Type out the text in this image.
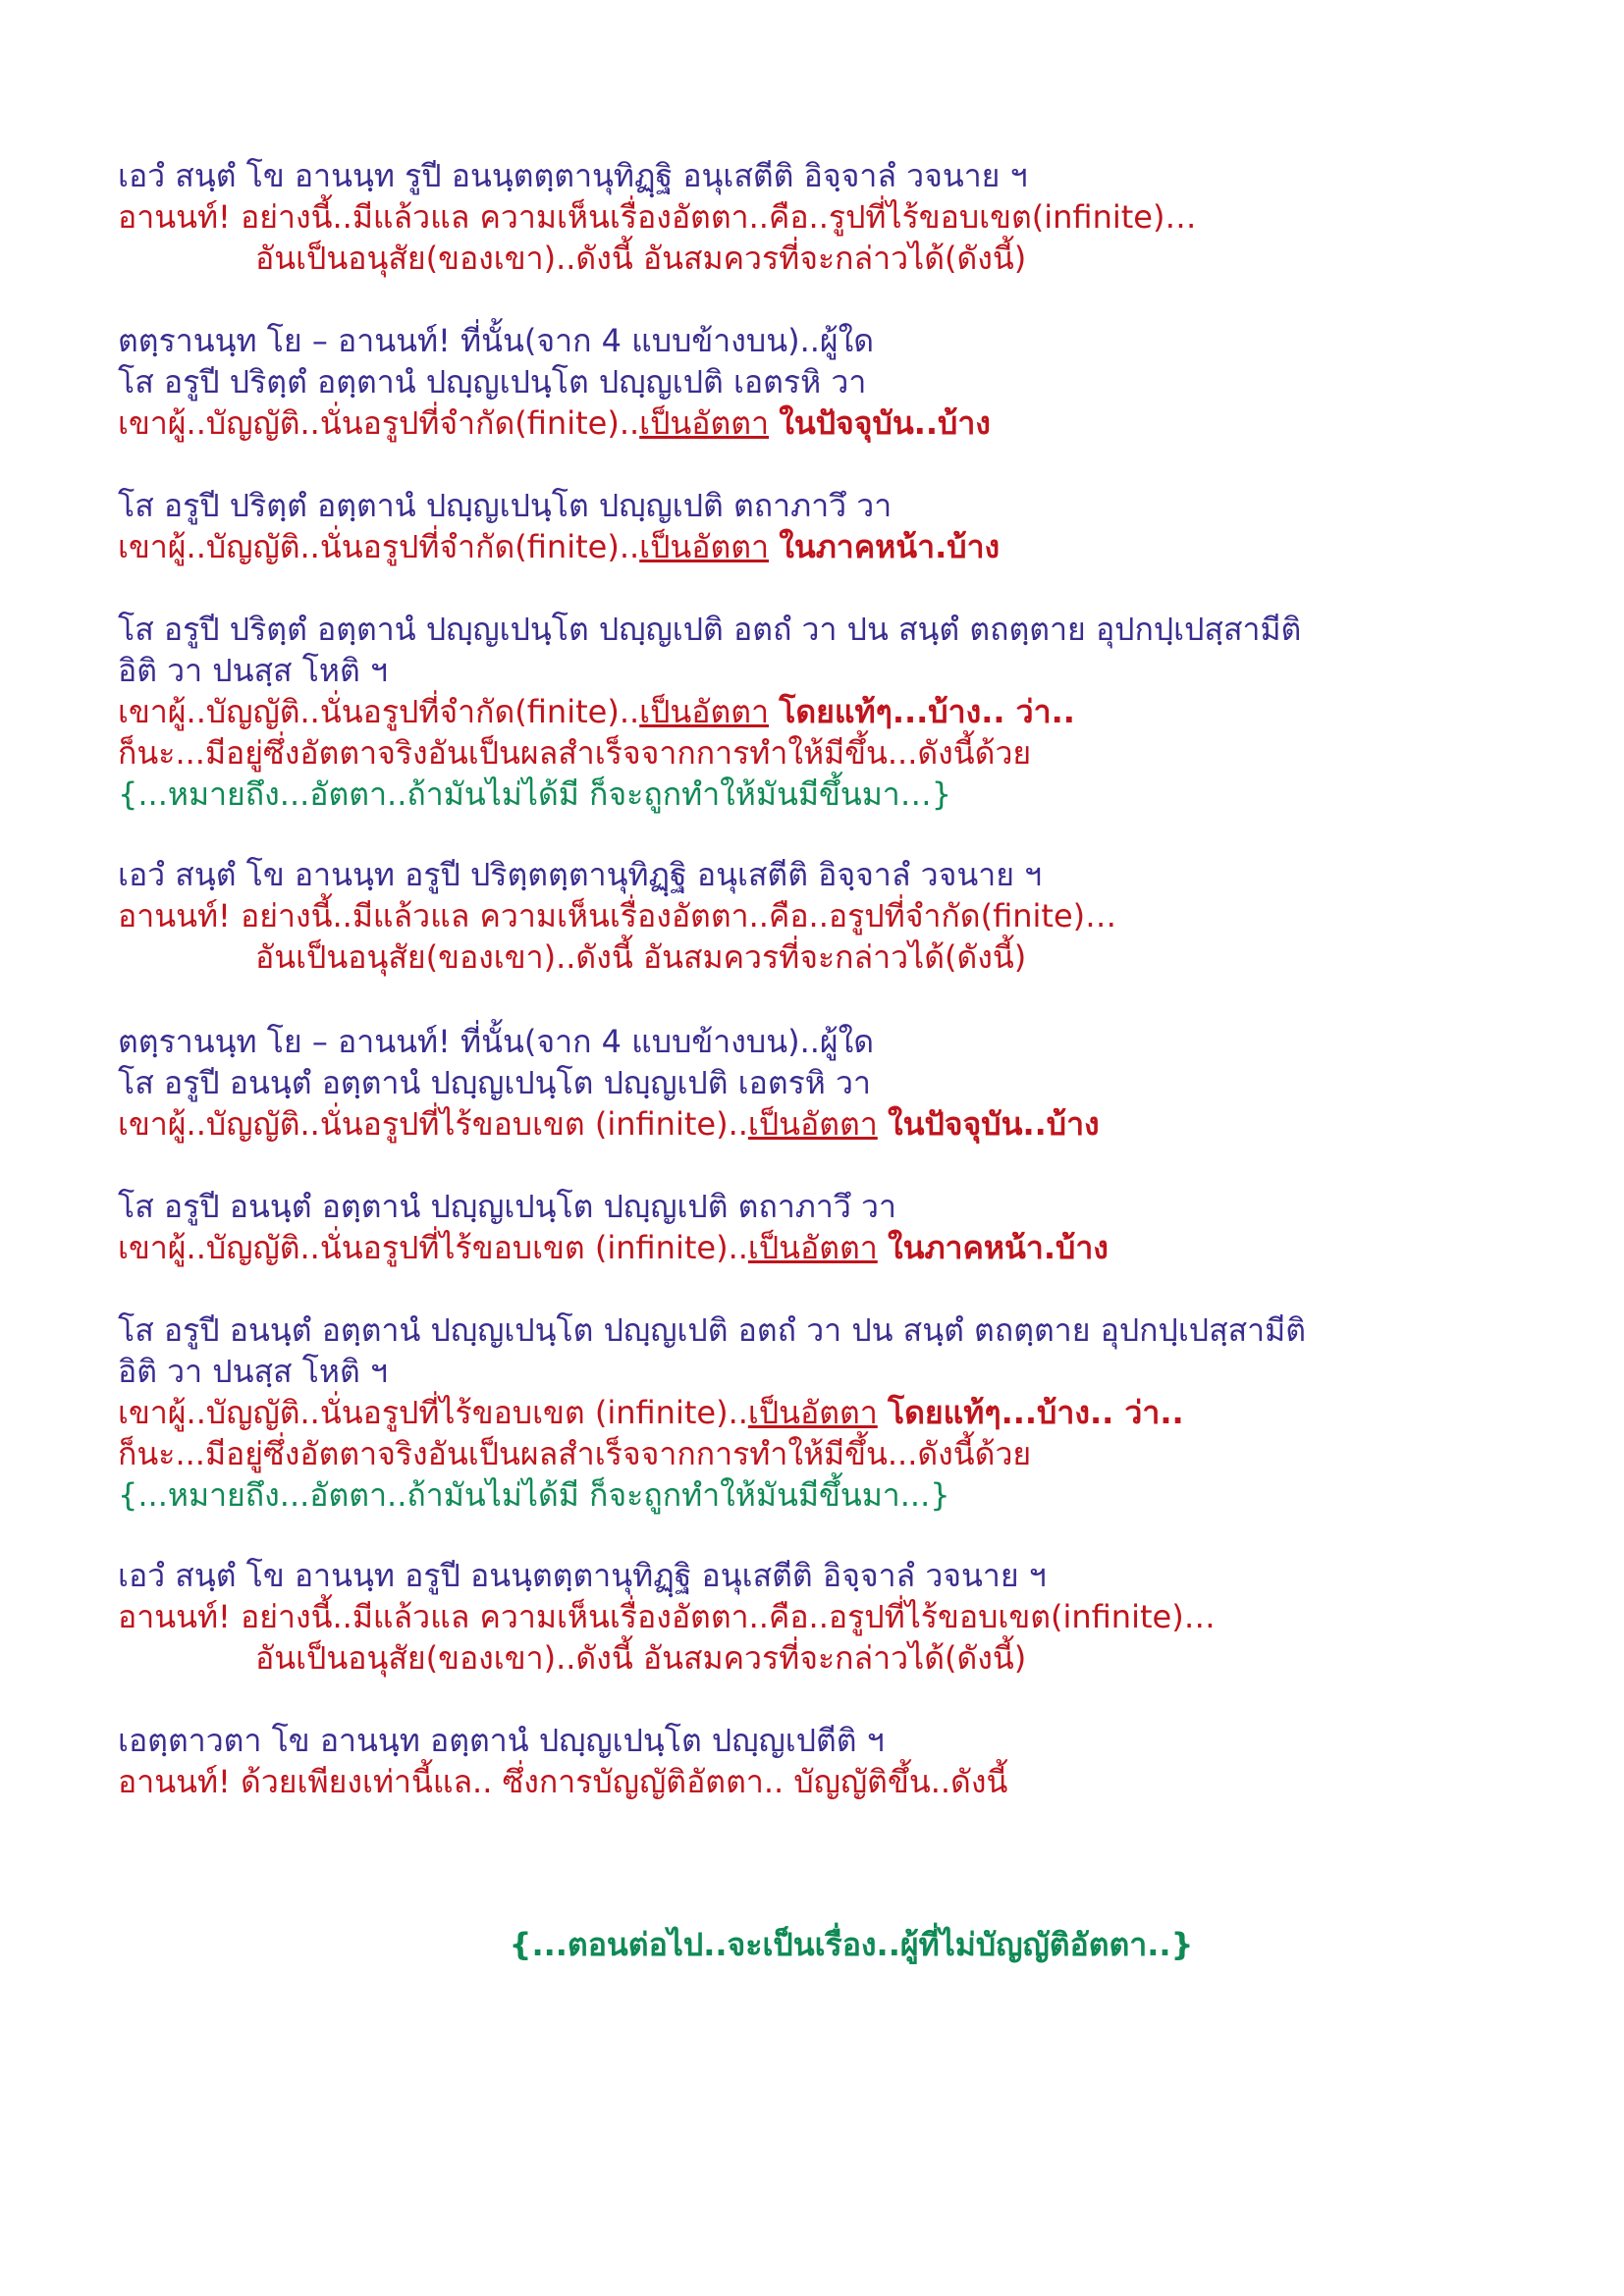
เอวํ สนฺตํ โข อานนฺท รูปี อนนฺตตฺตานุทิฏฺฐิ อนุเสตีติ อิจฺจาลํ วจนาย ฯ
อานนท์! อย่างนี้..มีแล้วแล ความเห็นเรื่องอัตตา..คือ..รูปที่ไร้ขอบเขต(infinite)…
อันเป็นอนุสัย(ของเขา)..ดังนี้ อันสมควรที่จะกล่าวได้(ดังนี้)
ตตฺรานนฺท โย – อานนท์! ที่นั้น(จาก 4 แบบข้างบน)..ผู้ใด
โส อรูปี ปริตฺตํ อตฺตานํ ปญฺญเปนฺโต ปญฺญเปติ เอตรหิ วา
เขาผู้..บัญญัติ..นั่นอรูปที่จำกัด(finite)..เป็นอัตตา ในปัจจุบัน..บ้าง
โส อรูปี ปริตฺตํ อตฺตานํ ปญฺญเปนฺโต ปญฺญเปติ ตถาภาวึ วา
เขาผู้..บัญญัติ..นั่นอรูปที่จำกัด(finite)..เป็นอัตตา ในภาคหน้า.บ้าง
โส อรูปี ปริตฺตํ อตฺตานํ ปญฺญเปนฺโต ปญฺญเปติ อตถํ วา ปน สนฺตํ ตถตฺตาย อุปกปฺเปสฺสามีติ
อิติ วา ปนสฺส โหติ ฯ
เขาผู้..บัญญัติ..นั่นอรูปที่จำกัด(finite)..เป็นอัตตา โดยแท้ๆ...บ้าง.. ว่า..
ก็นะ...มีอยู่ซึ่งอัตตาจริงอันเป็นผลสำเร็จจากการทำให้มีขึ้น...ดังนี้ด้วย
{...หมายถึง...อัตตา..ถ้ามันไม่ได้มี ก็จะถูกทำให้มันมีขึ้นมา…}
เอวํ สนฺตํ โข อานนฺท อรูปี ปริตฺตตฺตานุทิฏฺฐิ อนุเสตีติ อิจฺจาลํ วจนาย ฯ
อานนท์! อย่างนี้..มีแล้วแล ความเห็นเรื่องอัตตา..คือ..อรูปที่จำกัด(finite)…
อันเป็นอนุสัย(ของเขา)..ดังนี้ อันสมควรที่จะกล่าวได้(ดังนี้)
ตตฺรานนฺท โย – อานนท์! ที่นั้น(จาก 4 แบบข้างบน)..ผู้ใด
โส อรูปี อนนฺตํ อตฺตานํ ปญฺญเปนฺโต ปญฺญเปติ เอตรหิ วา
เขาผู้..บัญญัติ..นั่นอรูปที่ไร้ขอบเขต (infinite)..เป็นอัตตา ในปัจจุบัน..บ้าง
โส อรูปี อนนฺตํ อตฺตานํ ปญฺญเปนฺโต ปญฺญเปติ ตถาภาวึ วา
เขาผู้..บัญญัติ..นั่นอรูปที่ไร้ขอบเขต (infinite)..เป็นอัตตา ในภาคหน้า.บ้าง
โส อรูปี อนนฺตํ อตฺตานํ ปญฺญเปนฺโต ปญฺญเปติ อตถํ วา ปน สนฺตํ ตถตฺตาย อุปกปฺเปสฺสามีติ
อิติ วา ปนสฺส โหติ ฯ
เขาผู้..บัญญัติ..นั่นอรูปที่ไร้ขอบเขต (infinite)..เป็นอัตตา โดยแท้ๆ...บ้าง.. ว่า..
ก็นะ...มีอยู่ซึ่งอัตตาจริงอันเป็นผลสำเร็จจากการทำให้มีขึ้น...ดังนี้ด้วย
{...หมายถึง...อัตตา..ถ้ามันไม่ได้มี ก็จะถูกทำให้มันมีขึ้นมา...}
เอวํ สนฺตํ โข อานนฺท อรูปี อนนฺตตฺตานุทิฏฺฐิ อนุเสตีติ อิจฺจาลํ วจนาย ฯ
อานนท์! อย่างนี้..มีแล้วแล ความเห็นเรื่องอัตตา..คือ..อรูปที่ไร้ขอบเขต(infinite)…
อันเป็นอนุสัย(ของเขา)..ดังนี้ อันสมควรที่จะกล่าวได้(ดังนี้)
เอตฺตาวตา โข อานนฺท อตฺตานํ ปญฺญเปนฺโต ปญฺญเปตีติ ฯ
อานนท์! ด้วยเพียงเท่านี้แล.. ซึ่งการบัญญัติอัตตา.. บัญญัติขึ้น..ดังนี้
{...ตอนต่อไป..จะเป็นเรื่อง..ผู้ที่ไม่บัญญัติอัตตา..}
